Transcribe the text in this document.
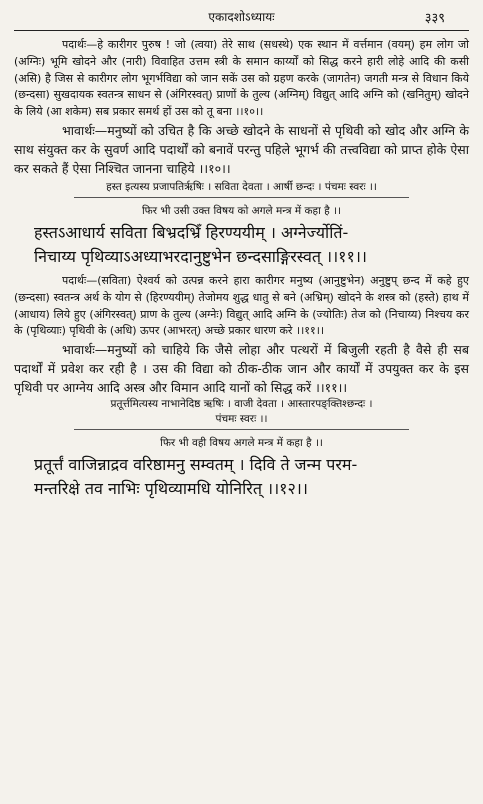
एकादशोऽध्यायः	३३९

पदार्थः—हे कारीगर पुरुष ! जो (त्वया) तेरे साथ (सधस्थे) एक स्थान में वर्त्तमान (वयम्) हम लोग जो (अग्निः) भूमि खोदने और (नारी) विवाहित उत्तम स्त्री के समान कार्य्यों को सिद्ध करने हारी लोहे आदि की कसी (असि) है जिस से कारीगर लोग भूगर्भविद्या को जान सकें उस को ग्रहण करके (जागतेन) जगती मन्त्र से विधान किये (छन्दसा) सुखदायक स्वतन्त्र साधन से (अंगिरस्वत्) प्राणों के तुल्य (अग्निम्) विद्युत् आदि अग्नि को (खनितुम्) खोदने के लिये (आ शकेम) सब प्रकार समर्थ हों उस को तू बना ।।१०।।

भावार्थः—मनुष्यों को उचित है कि अच्छे खोदने के साधनों से पृथिवी को खोद और अग्नि के साथ संयुक्त कर के सुवर्ण आदि पदार्थों को बनावें परन्तु पहिले भूगर्भ की तत्त्वविद्या को प्राप्त होके ऐसा कर सकते हैं ऐसा निश्चित जानना चाहिये ।।१०।।

हस्त इत्यस्य प्रजापतिर्ऋषिः । सविता देवता । आर्षी छन्दः । पंचमः स्वरः ।।
फिर भी उसी उक्त विषय को अगले मन्त्र में कहा है ।।
हस्तऽआधार्य सविता बिभ्रदभ्रिँ हिरण्ययीम् । अग्नेर्ज्योतिं-
निचाय्य पृथिव्याऽअध्याभरदानुष्टुभेन छन्दसाङ्गिरस्वत् ।।११।।

पदार्थः—(सविता) ऐश्वर्य को उत्पन्न करने हारा कारीगर मनुष्य (आनुष्टुभेन) अनुष्टुप् छन्द में कहे हुए (छन्दसा) स्वतन्त्र अर्थ के योग से (हिरण्ययीम्) तेजोमय शुद्ध धातु से बने (अभ्रिम्) खोदने के शस्त्र को (हस्ते) हाथ में (आधाय) लिये हुए (अंगिरस्वत्) प्राण के तुल्य (अग्नेः) विद्युत् आदि अग्नि के (ज्योतिः) तेज को (निचाय्य) निश्चय कर के (पृथिव्याः) पृथिवी के (अधि) ऊपर (आभरत्) अच्छे प्रकार धारण करे ।।११।।

भावार्थः—मनुष्यों को चाहिये कि जैसे लोहा और पत्थरों में बिजुली रहती है वैसे ही सब पदार्थों में प्रवेश कर रही है । उस की विद्या को ठीक-ठीक जान और कार्यों में उपयुक्त कर के इस पृथिवी पर आग्नेय आदि अस्त्र और विमान आदि यानों को सिद्ध करें ।।११।।

प्रतूर्त्तमित्यस्य नाभानेदिष्ठ ऋषिः । वाजी देवता । आस्तारपङ्क्तिश्छन्दः ।
पंचमः स्वरः ।।
फिर भी वही विषय अगले मन्त्र में कहा है ।।
प्रतूर्त्तं वाजिन्नाद्रव वरिष्ठामनु सम्वतम् । दिवि ते जन्म परम-
मन्तरिक्षे तव नाभिः पृथिव्यामधि योनिरित् ।।१२।।
